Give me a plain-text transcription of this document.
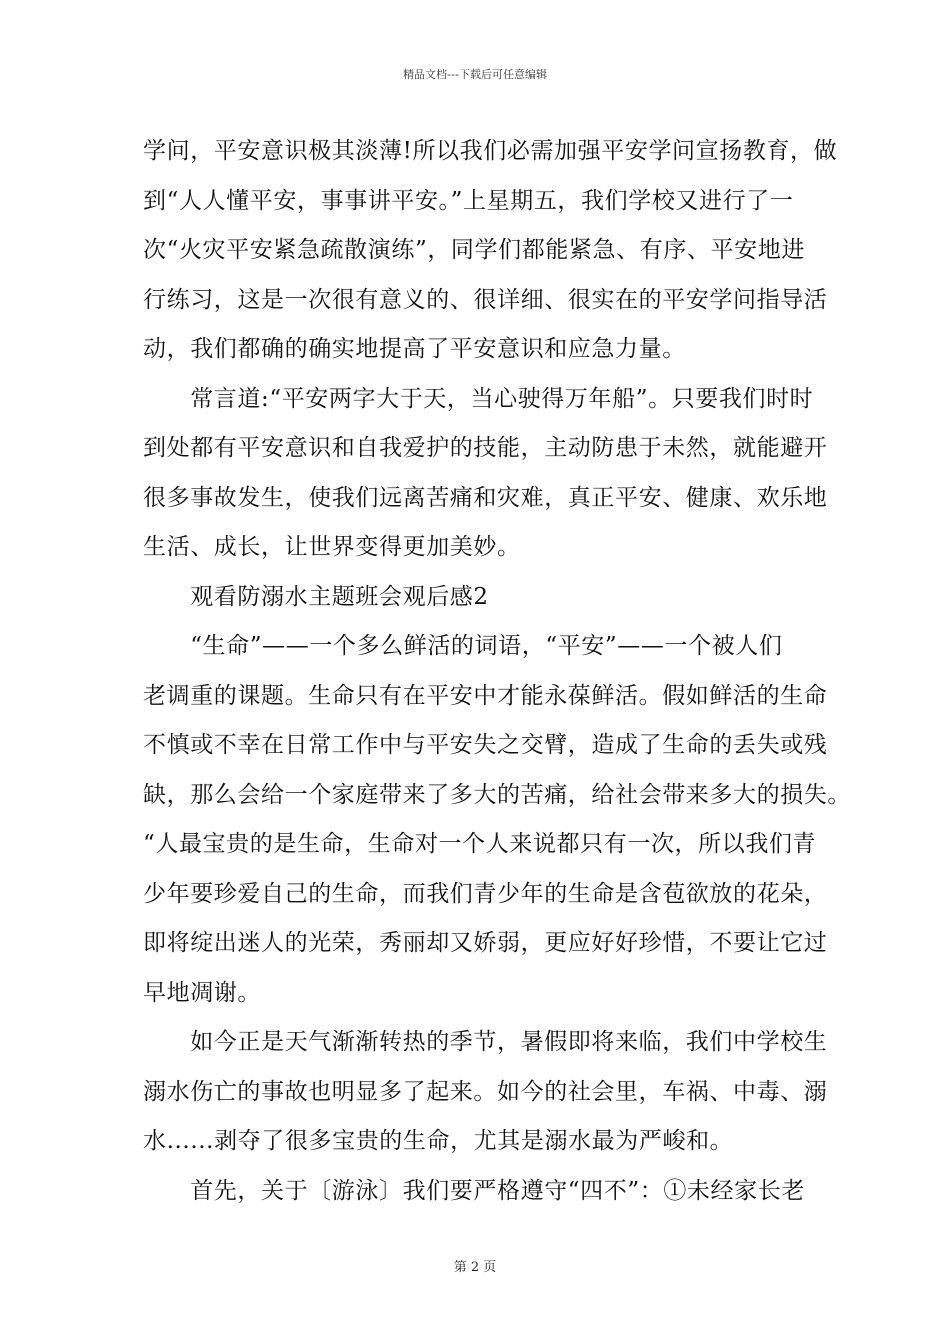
精品文档---下载后可任意编辑
学问，平安意识极其淡薄!所以我们必需加强平安学问宣扬教育，做
到“人人懂平安，事事讲平安。”上星期五，我们学校又进行了一
次“火灾平安紧急疏散演练”，同学们都能紧急、有序、平安地进
行练习，这是一次很有意义的、很详细、很实在的平安学问指导活
动，我们都确的确实地提高了平安意识和应急力量。
　　常言道:“平安两字大于天，当心驶得万年船”。只要我们时时
到处都有平安意识和自我爱护的技能，主动防患于未然，就能避开
很多事故发生，使我们远离苦痛和灾难，真正平安、健康、欢乐地
生活、成长，让世界变得更加美妙。
　　观看防溺水主题班会观后感2
　　“生命”——一个多么鲜活的词语，“平安”——一个被人们
老调重的课题。生命只有在平安中才能永葆鲜活。假如鲜活的生命
不慎或不幸在日常工作中与平安失之交臂，造成了生命的丢失或残
缺，那么会给一个家庭带来了多大的苦痛，给社会带来多大的损失。
“人最宝贵的是生命，生命对一个人来说都只有一次，所以我们青
少年要珍爱自己的生命，而我们青少年的生命是含苞欲放的花朵，
即将绽出迷人的光荣，秀丽却又娇弱，更应好好珍惜，不要让它过
早地凋谢。
　　如今正是天气渐渐转热的季节，暑假即将来临，我们中学校生
溺水伤亡的事故也明显多了起来。如今的社会里，车祸、中毒、溺
水......剥夺了很多宝贵的生命，尤其是溺水最为严峻和。
　　首先，关于〔游泳〕我们要严格遵守“四不”：①未经家长老
第 2 页
